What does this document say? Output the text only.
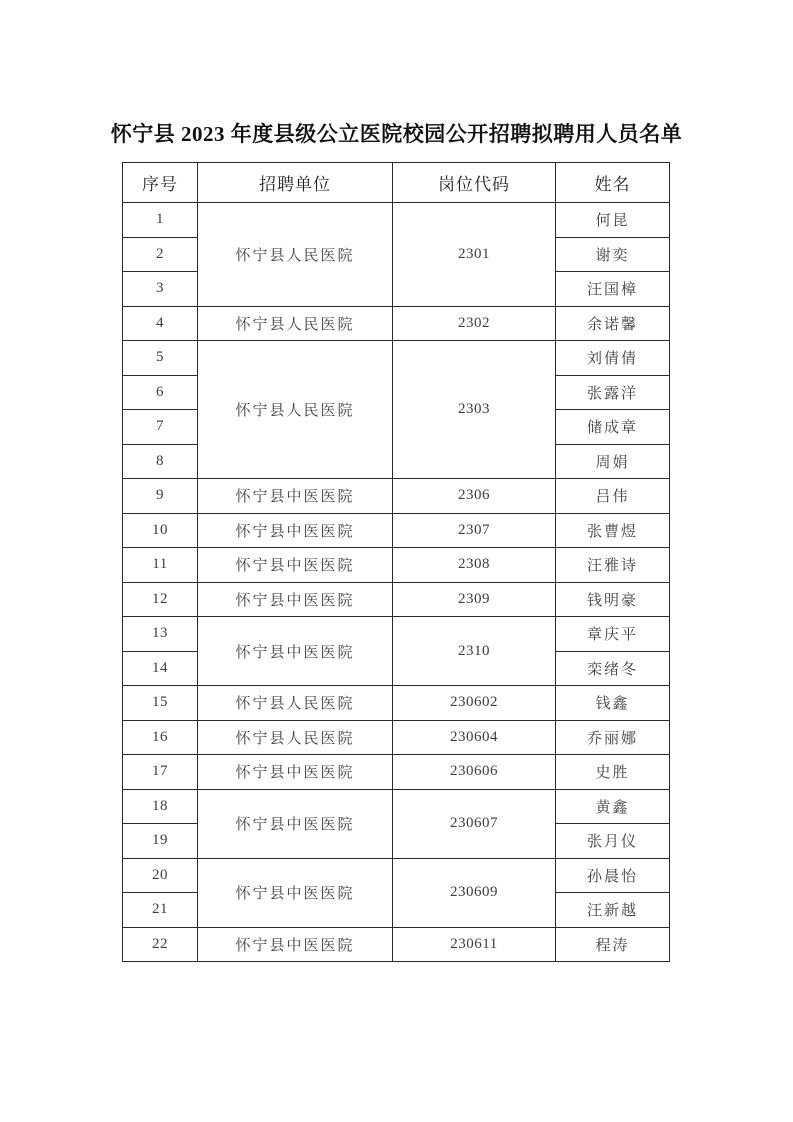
怀宁县 2023 年度县级公立医院校园公开招聘拟聘用人员名单
序号	招聘单位	岗位代码	姓名
1	怀宁县人民医院	2301	何昆
2			谢奕
3			汪国樟
4	怀宁县人民医院	2302	余诺馨
5	怀宁县人民医院	2303	刘倩倩
6			张露洋
7			储成章
8			周娟
9	怀宁县中医医院	2306	吕伟
10	怀宁县中医医院	2307	张曹煜
11	怀宁县中医医院	2308	汪雅诗
12	怀宁县中医医院	2309	钱明豪
13	怀宁县中医医院	2310	章庆平
14			栾绪冬
15	怀宁县人民医院	230602	钱鑫
16	怀宁县人民医院	230604	乔丽娜
17	怀宁县中医医院	230606	史胜
18	怀宁县中医医院	230607	黄鑫
19			张月仪
20	怀宁县中医医院	230609	孙晨怡
21			汪新越
22	怀宁县中医医院	230611	程涛
